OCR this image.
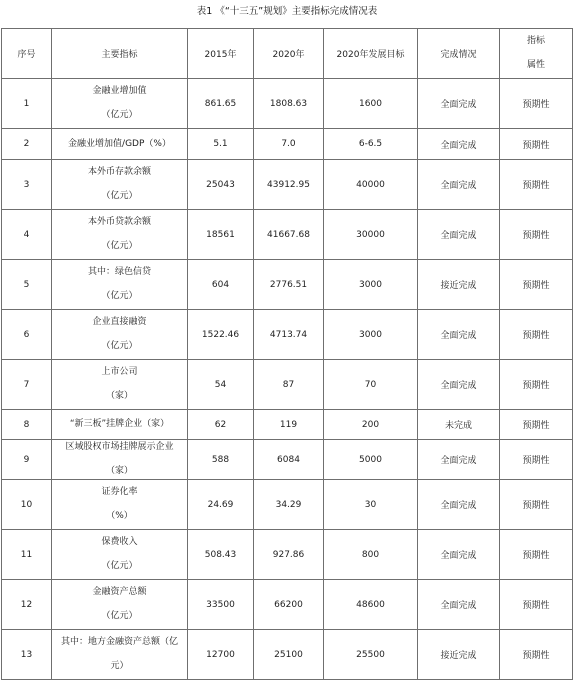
表1 《“十三五”规划》主要指标完成情况表
序号	主要指标	2015年	2020年	2020年发展目标	完成情况	指标
属性

1	金融业增加值
（亿元）	861.65	1808.63	1600	全面完成	预期性
2	金融业增加值/GDP（%）	5.1	7.0	6-6.5	全面完成	预期性
3	本外币存款余额
（亿元）	25043	43912.95	40000	全面完成	预期性
4	本外币贷款余额
（亿元）	18561	41667.68	30000	全面完成	预期性
5	其中：绿色信贷
（亿元）	604	2776.51	3000	接近完成	预期性
6	企业直接融资
（亿元）	1522.46	4713.74	3000	全面完成	预期性
7	上市公司
（家）	54	87	70	全面完成	预期性
8	“新三板”挂牌企业（家）	62	119	200	未完成	预期性
9	区域股权市场挂牌展示企业
（家）	588	6084	5000	全面完成	预期性
10	证券化率
（%）	24.69	34.29	30	全面完成	预期性
11	保费收入
（亿元）	508.43	927.86	800	全面完成	预期性
12	金融资产总额
（亿元）	33500	66200	48600	全面完成	预期性
13	其中：地方金融资产总额（亿
元）	12700	25100	25500	接近完成	预期性
